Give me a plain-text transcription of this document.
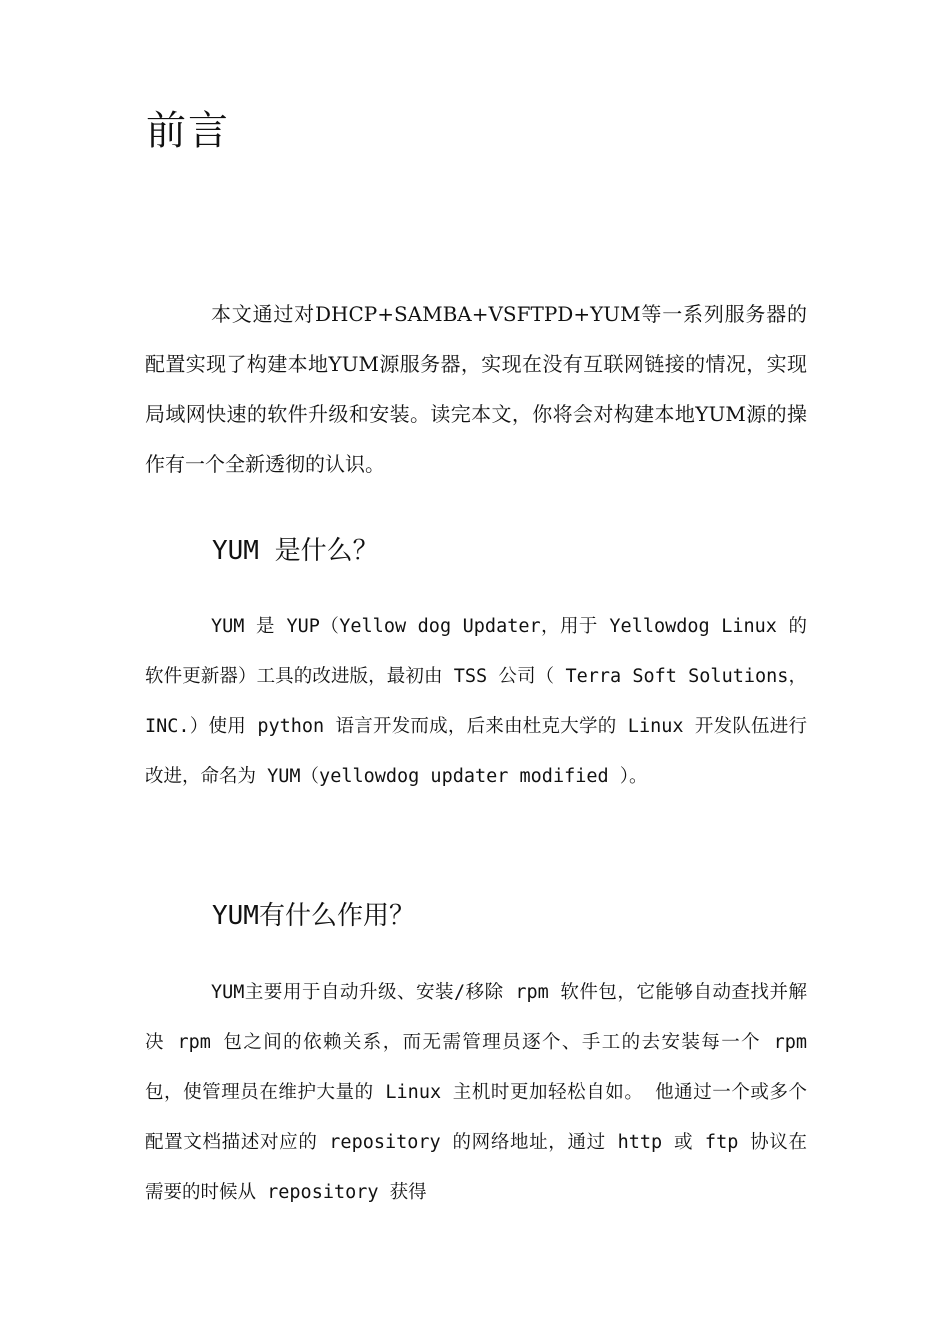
前言

本文通过对DHCP+SAMBA+VSFTPD+YUM等一系列服务器的配置实现了构建本地YUM源服务器，实现在没有互联网链接的情况，实现局域网快速的软件升级和安装。读完本文，你将会对构建本地YUM源的操作有一个全新透彻的认识。

YUM 是什么？

YUM 是 YUP（Yellow dog Updater，用于 Yellowdog Linux 的软件更新器）工具的改进版，最初由 TSS 公司（ Terra Soft Solutions，INC.）使用 python 语言开发而成，后来由杜克大学的 Linux 开发队伍进行改进，命名为 YUM（yellowdog updater modified ）。

YUM有什么作用？

YUM主要用于自动升级、安装/移除 rpm 软件包，它能够自动查找并解决 rpm 包之间的依赖关系，而无需管理员逐个、手工的去安装每一个 rpm 包，使管理员在维护大量的 Linux 主机时更加轻松自如。 他通过一个或多个配置文档描述对应的 repository 的网络地址，通过 http 或 ftp 协议在需要的时候从 repository 获得
